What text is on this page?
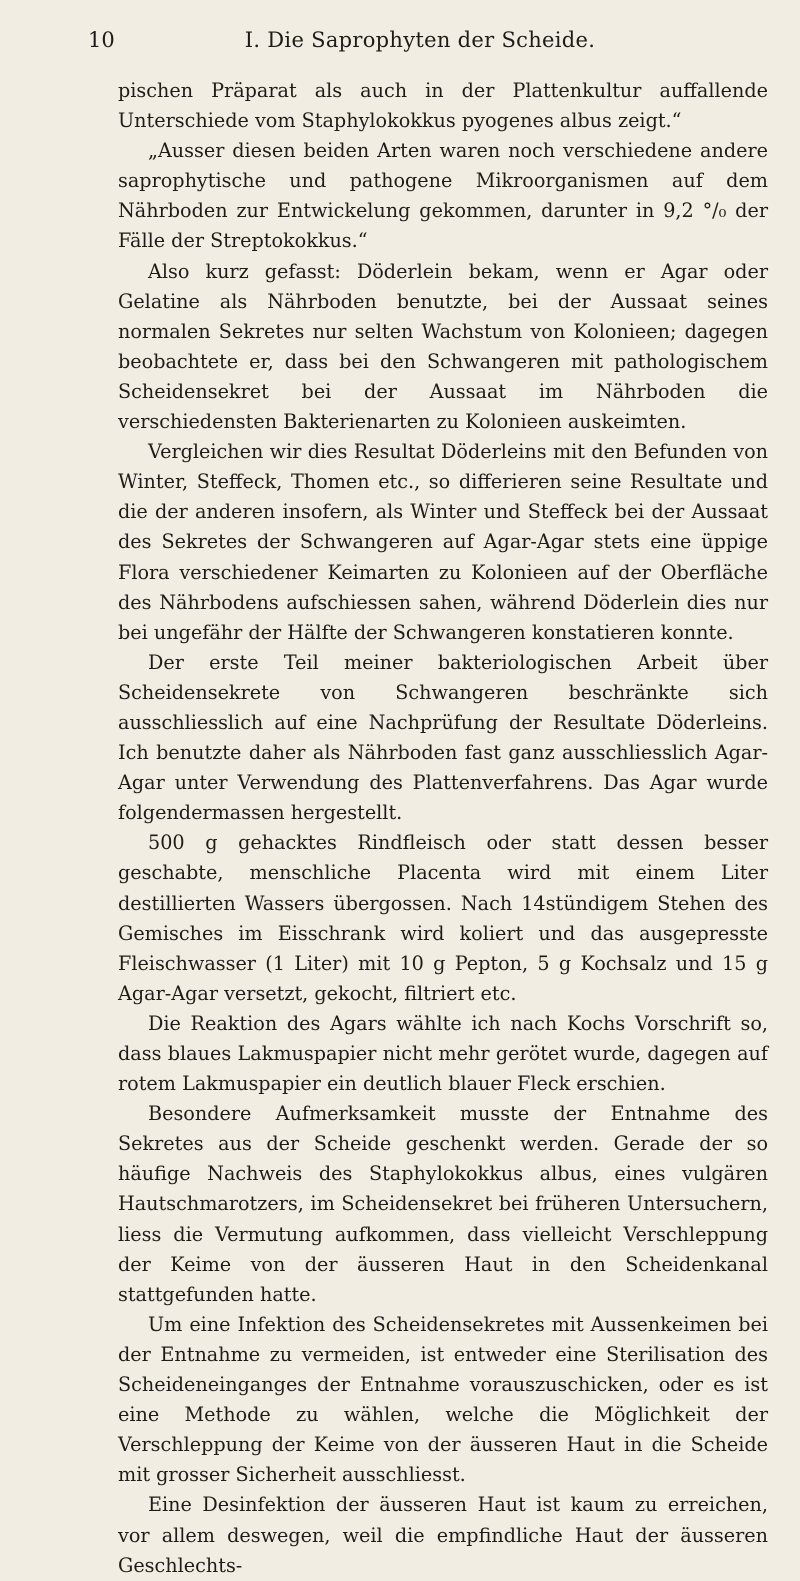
10	I. Die Saprophyten der Scheide.

pischen Präparat als auch in der Plattenkultur auffallende Unterschiede vom Staphylokokkus pyogenes albus zeigt.“

„Ausser diesen beiden Arten waren noch verschiedene andere saprophytische und pathogene Mikroorganismen auf dem Nährboden zur Entwickelung gekommen, darunter in 9,2 °/₀ der Fälle der Streptokokkus.“

Also kurz gefasst: Döderlein bekam, wenn er Agar oder Gelatine als Nährboden benutzte, bei der Aussaat seines normalen Sekretes nur selten Wachstum von Kolonieen; dagegen beobachtete er, dass bei den Schwangeren mit pathologischem Scheidensekret bei der Aussaat im Nährboden die verschiedensten Bakterienarten zu Kolonieen auskeimten.

Vergleichen wir dies Resultat Döderleins mit den Befunden von Winter, Steffeck, Thomen etc., so differieren seine Resultate und die der anderen insofern, als Winter und Steffeck bei der Aussaat des Sekretes der Schwangeren auf Agar-Agar stets eine üppige Flora verschiedener Keimarten zu Kolonieen auf der Oberfläche des Nährbodens aufschiessen sahen, während Döderlein dies nur bei ungefähr der Hälfte der Schwangeren konstatieren konnte.

Der erste Teil meiner bakteriologischen Arbeit über Scheidensekrete von Schwangeren beschränkte sich ausschliesslich auf eine Nachprüfung der Resultate Döderleins. Ich benutzte daher als Nährboden fast ganz ausschliesslich Agar-Agar unter Verwendung des Plattenverfahrens. Das Agar wurde folgendermassen hergestellt.

500 g gehacktes Rindfleisch oder statt dessen besser geschabte, menschliche Placenta wird mit einem Liter destillierten Wassers übergossen. Nach 14stündigem Stehen des Gemisches im Eisschrank wird koliert und das ausgepresste Fleischwasser (1 Liter) mit 10 g Pepton, 5 g Kochsalz und 15 g Agar-Agar versetzt, gekocht, filtriert etc.

Die Reaktion des Agars wählte ich nach Kochs Vorschrift so, dass blaues Lakmuspapier nicht mehr gerötet wurde, dagegen auf rotem Lakmuspapier ein deutlich blauer Fleck erschien.

Besondere Aufmerksamkeit musste der Entnahme des Sekretes aus der Scheide geschenkt werden. Gerade der so häufige Nachweis des Staphylokokkus albus, eines vulgären Hautschmarotzers, im Scheidensekret bei früheren Untersuchern, liess die Vermutung aufkommen, dass vielleicht Verschleppung der Keime von der äusseren Haut in den Scheidenkanal stattgefunden hatte.

Um eine Infektion des Scheidensekretes mit Aussenkeimen bei der Entnahme zu vermeiden, ist entweder eine Sterilisation des Scheideneinganges der Entnahme vorauszuschicken, oder es ist eine Methode zu wählen, welche die Möglichkeit der Verschleppung der Keime von der äusseren Haut in die Scheide mit grosser Sicherheit ausschliesst.

Eine Desinfektion der äusseren Haut ist kaum zu erreichen, vor allem deswegen, weil die empfindliche Haut der äusseren Geschlechts-
